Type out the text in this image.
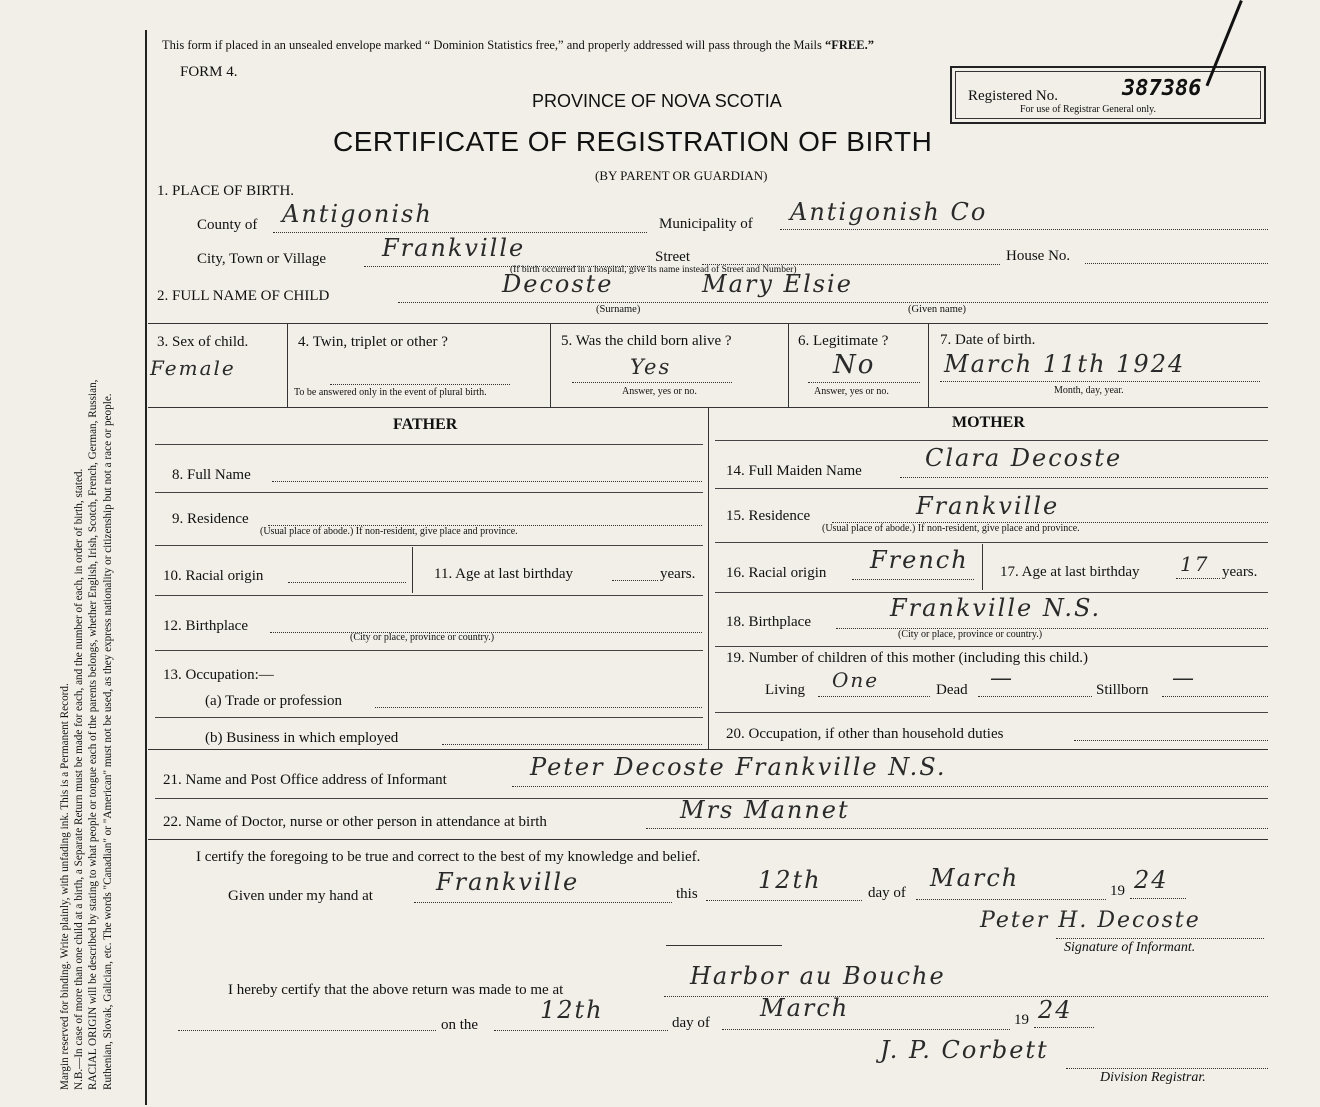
Margin reserved for binding. Write plainly, with unfading ink. This is a Permanent Record. N.B.—In case of more than one child at a birth, a Separate Return must be made for each, and the number of each, in order of birth, stated. RACIAL ORIGIN will be described by stating to what people or tongue each of the parents belongs, whether English, Irish, Scotch, French, German, Russian, Ruthenian, Slovak, Galician, etc. The words "Canadian" or "American" must not be used, as they express nationality or citizenship but not a race or people.
This form if placed in an unsealed envelope marked “ Dominion Statistics free,” and properly addressed will pass through the Mails “FREE.”
FORM 4.
PROVINCE OF NOVA SCOTIA
CERTIFICATE OF REGISTRATION OF BIRTH
(BY PARENT OR GUARDIAN)
Registered No.	387386
For use of Registrar General only.
1. PLACE OF BIRTH.
County of Antigonish	Municipality of Antigonish Co
City, Town or Village Frankville	Street	House No.
(If birth occurred in a hospital, give its name instead of Street and Number)
2. FULL NAME OF CHILD	Decoste	Mary Elsie
(Surname)	(Given name)
3. Sex of child.
Female
4. Twin, triplet or other ?
To be answered only in the event of plural birth.
5. Was the child born alive ?
Yes
Answer, yes or no.
6. Legitimate ?
No
Answer, yes or no.
7. Date of birth.
March 11th 1924
Month, day, year.
FATHER	MOTHER
8. Full Name
9. Residence
(Usual place of abode.) If non-resident, give place and province.
10. Racial origin	11. Age at last birthday	years.
12. Birthplace
(City or place, province or country.)
13. Occupation:—
(a) Trade or profession
(b) Business in which employed
14. Full Maiden Name	Clara Decoste
15. Residence	Frankville
(Usual place of abode.) If non-resident, give place and province.
16. Racial origin French 17. Age at last birthday 17 years.
18. Birthplace	Frankville N.S.
(City or place, province or country.)
19. Number of children of this mother (including this child.)
Living One	Dead —	Stillborn —
20. Occupation, if other than household duties
21. Name and Post Office address of Informant	Peter Decoste Frankville N.S.
22. Name of Doctor, nurse or other person in attendance at birth	Mrs Mannet
I certify the foregoing to be true and correct to the best of my knowledge and belief.
Given under my hand at	Frankville	this	12th	day of
March	19 24
Peter H. Decoste
Signature of Informant.
I hereby certify that the above return was made to me at	Harbor au Bouche
on the
12th	day of
March	19 24
J. P. Corbett
Division Registrar.
